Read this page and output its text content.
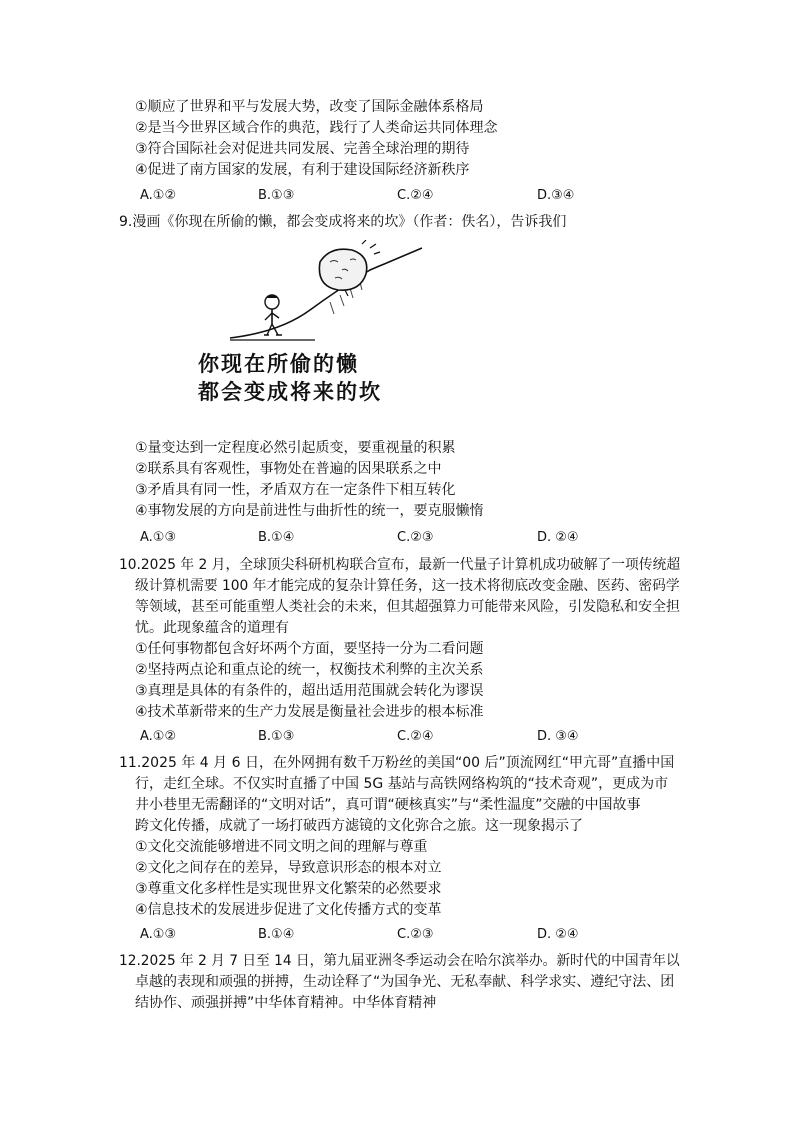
①顺应了世界和平与发展大势，改变了国际金融体系格局
②是当今世界区域合作的典范，践行了人类命运共同体理念
③符合国际社会对促进共同发展、完善全球治理的期待
④促进了南方国家的发展，有利于建设国际经济新秩序
A.①②	B.①③	C.②④	D.③④
9.漫画《你现在所偷的懒，都会变成将来的坎》（作者：佚名），告诉我们
你现在所偷的懒
都会变成将来的坎
①量变达到一定程度必然引起质变，要重视量的积累
②联系具有客观性，事物处在普遍的因果联系之中
③矛盾具有同一性，矛盾双方在一定条件下相互转化
④事物发展的方向是前进性与曲折性的统一，要克服懒惰
A.①③	B.①④	C.②③	D. ②④
10.2025 年 2 月，全球顶尖科研机构联合宣布，最新一代量子计算机成功破解了一项传统超
级计算机需要 100 年才能完成的复杂计算任务，这一技术将彻底改变金融、医药、密码学
等领域，甚至可能重塑人类社会的未来，但其超强算力可能带来风险，引发隐私和安全担
忧。此现象蕴含的道理有
①任何事物都包含好坏两个方面，要坚持一分为二看问题
②坚持两点论和重点论的统一，权衡技术利弊的主次关系
③真理是具体的有条件的，超出适用范围就会转化为谬误
④技术革新带来的生产力发展是衡量社会进步的根本标准
A.①②	B.①③	C.②④	D. ③④
11.2025 年 4 月 6 日，在外网拥有数千万粉丝的美国“00 后”顶流网红“甲亢哥”直播中国
行，走红全球。不仅实时直播了中国 5G 基站与高铁网络构筑的“技术奇观”，更成为市
井小巷里无需翻译的“文明对话”，真可谓“硬核真实”与“柔性温度”交融的中国故事
跨文化传播，成就了一场打破西方滤镜的文化弥合之旅。这一现象揭示了
①文化交流能够增进不同文明之间的理解与尊重
②文化之间存在的差异，导致意识形态的根本对立
③尊重文化多样性是实现世界文化繁荣的必然要求
④信息技术的发展进步促进了文化传播方式的变革
A.①③	B.①④	C.②③	D. ②④
12.2025 年 2 月 7 日至 14 日，第九届亚洲冬季运动会在哈尔滨举办。新时代的中国青年以
卓越的表现和顽强的拼搏，生动诠释了“为国争光、无私奉献、科学求实、遵纪守法、团
结协作、顽强拼搏”中华体育精神。中华体育精神
